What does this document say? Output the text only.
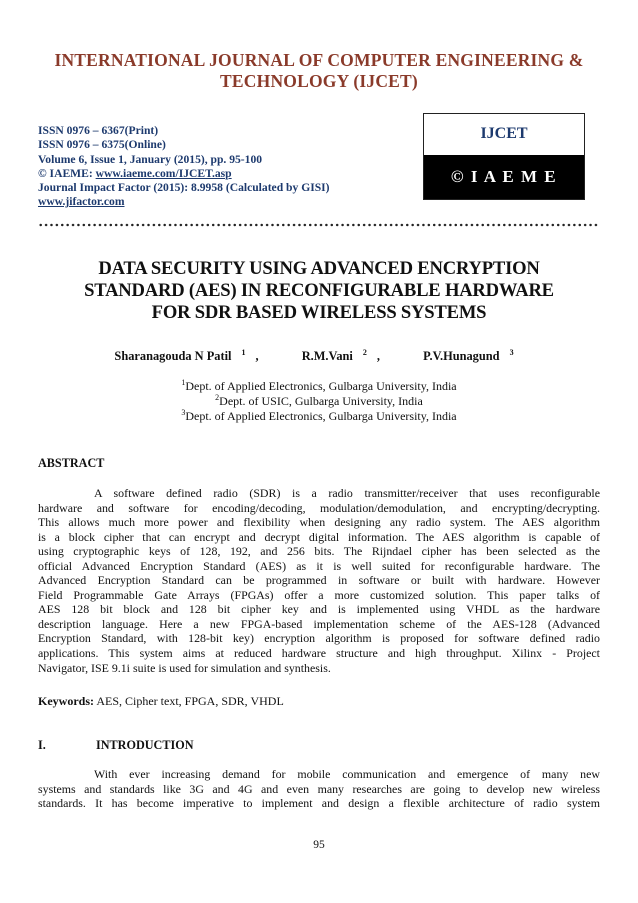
INTERNATIONAL JOURNAL OF COMPUTER ENGINEERING &
TECHNOLOGY (IJCET)
ISSN 0976 – 6367(Print)
ISSN 0976 – 6375(Online)
Volume 6, Issue 1, January (2015), pp. 95-100
© IAEME: www.iaeme.com/IJCET.asp
Journal Impact Factor (2015): 8.9958 (Calculated by GISI)
www.jifactor.com
IJCET
© I A E M E
DATA SECURITY USING ADVANCED ENCRYPTION
STANDARD (AES) IN RECONFIGURABLE HARDWARE
FOR SDR BASED WIRELESS SYSTEMS
Sharanagouda N Patil $^1$ ,	R.M.Vani $^2$ ,	P.V.Hunagund $^3$
$^1$Dept. of Applied Electronics, Gulbarga University, India
$^2$Dept. of USIC, Gulbarga University, India
$^3$Dept. of Applied Electronics, Gulbarga University, India
ABSTRACT
A software defined radio (SDR) is a radio transmitter/receiver that uses reconfigurable
hardware and software for encoding/decoding, modulation/demodulation, and encrypting/decrypting.
This allows much more power and flexibility when designing any radio system. The AES algorithm
is a block cipher that can encrypt and decrypt digital information. The AES algorithm is capable of
using cryptographic keys of 128, 192, and 256 bits. The Rijndael cipher has been selected as the
official Advanced Encryption Standard (AES) as it is well suited for reconfigurable hardware. The
Advanced Encryption Standard can be programmed in software or built with hardware. However
Field Programmable Gate Arrays (FPGAs) offer a more customized solution. This paper talks of
AES 128 bit block and 128 bit cipher key and is implemented using VHDL as the hardware
description language. Here a new FPGA-based implementation scheme of the AES-128 (Advanced
Encryption Standard, with 128-bit key) encryption algorithm is proposed for software defined radio
applications. This system aims at reduced hardware structure and high throughput. Xilinx - Project
Navigator, ISE 9.1i suite is used for simulation and synthesis.
Keywords: AES, Cipher text, FPGA, SDR, VHDL
I.	INTRODUCTION
With ever increasing demand for mobile communication and emergence of many new
systems and standards like 3G and 4G and even many researches are going to develop new wireless
standards. It has become imperative to implement and design a flexible architecture of radio system
95
